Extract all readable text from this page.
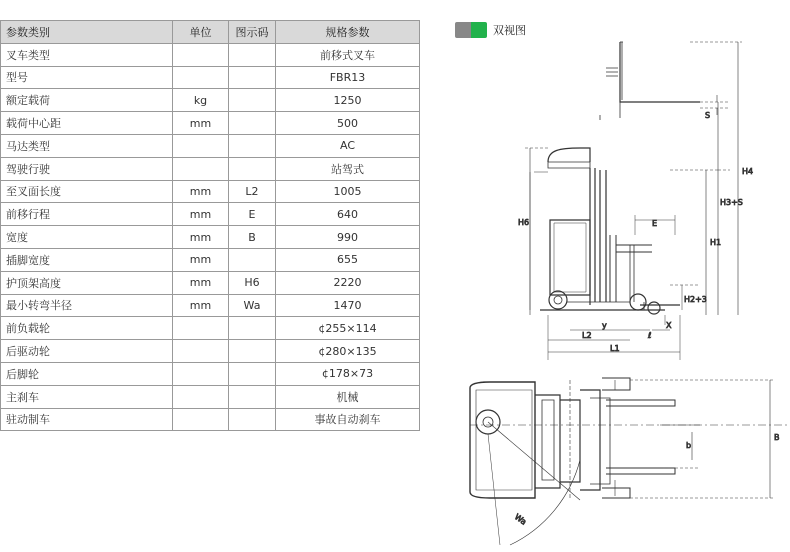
参数类别	单位	图示码	规格参数
叉车类型			前移式叉车
型号			FBR13
额定载荷	kg		1250
载荷中心距	mm		500
马达类型			AC
驾驶行驶			站驾式
至叉面长度	mm	L2	1005
前移行程	mm	E	640
宽度	mm	B	990
插脚宽度	mm		655
护顶架高度	mm	H6	2220
最小转弯半径	mm	Wa	1470
前负载轮			¢255×114
后驱动轮			¢280×135
后脚轮			¢178×73
主刹车			机械
驻动制车			事故自动刹车
双视图
S
H4
H3+S
H1
H6	E
H2+3
y	X
L2	ℓ
L1
b
B
Wa
